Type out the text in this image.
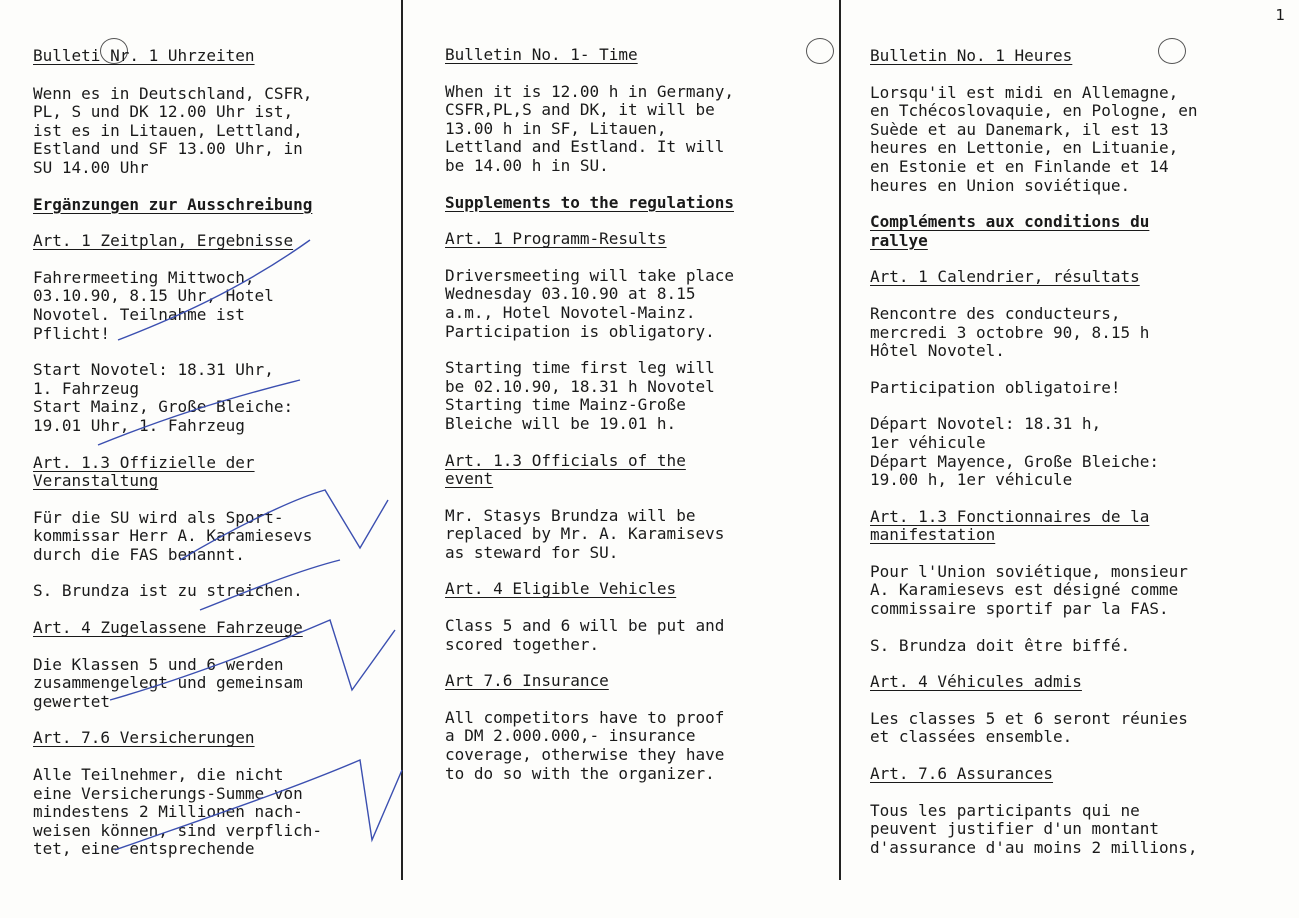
1

Bulleti Nr. 1 Uhrzeiten

Wenn es in Deutschland, CSFR,

PL, S und DK 12.00 Uhr ist,

ist es in Litauen, Lettland,

Estland und SF 13.00 Uhr, in

SU 14.00 Uhr

Ergänzungen zur Ausschreibung

Art. 1 Zeitplan, Ergebnisse

Fahrermeeting Mittwoch,

03.10.90, 8.15 Uhr, Hotel

Novotel. Teilnahme ist

Pflicht!

Start Novotel: 18.31 Uhr,

1. Fahrzeug

Start Mainz, Große Bleiche:

19.01 Uhr, 1. Fahrzeug

Art. 1.3 Offizielle der

Veranstaltung

Für die SU wird als Sport-

kommissar Herr A. Karamiesevs

durch die FAS benannt.

S. Brundza ist zu streichen.

Art. 4 Zugelassene Fahrzeuge

Die Klassen 5 und 6 werden

zusammengelegt und gemeinsam

gewertet

Art. 7.6 Versicherungen

Alle Teilnehmer, die nicht

eine Versicherungs-Summe von

mindestens 2 Millionen nach-

weisen können, sind verpflich-

tet, eine entsprechende

Bulletin No. 1- Time

When it is 12.00 h in Germany,

CSFR,PL,S and DK, it will be

13.00 h in SF, Litauen,

Lettland and Estland. It will

be 14.00 h in SU.

Supplements to the regulations

Art. 1 Programm-Results

Driversmeeting will take place

Wednesday 03.10.90 at 8.15

a.m., Hotel Novotel-Mainz.

Participation is obligatory.

Starting time first leg will

be 02.10.90, 18.31 h Novotel

Starting time Mainz-Große

Bleiche will be 19.01 h.

Art. 1.3 Officials of the

event

Mr. Stasys Brundza will be

replaced by Mr. A. Karamisevs

as steward for SU.

Art. 4 Eligible Vehicles

Class 5 and 6 will be put and

scored together.

Art 7.6 Insurance

All competitors have to proof

a DM 2.000.000,- insurance

coverage, otherwise they have

to do so with the organizer.

Bulletin No. 1 Heures

Lorsqu'il est midi en Allemagne,

en Tchécoslovaquie, en Pologne, en

Suède et au Danemark, il est 13

heures en Lettonie, en Lituanie,

en Estonie et en Finlande et 14

heures en Union soviétique.

Compléments aux conditions du

rallye

Art. 1 Calendrier, résultats

Rencontre des conducteurs,

mercredi 3 octobre 90, 8.15 h

Hôtel Novotel.

Participation obligatoire!

Départ Novotel: 18.31 h,

1er véhicule

Départ Mayence, Große Bleiche:

19.00 h, 1er véhicule

Art. 1.3 Fonctionnaires de la

manifestation

Pour l'Union soviétique, monsieur

A. Karamiesevs est désigné comme

commissaire sportif par la FAS.

S. Brundza doit être biffé.

Art. 4 Véhicules admis

Les classes 5 et 6 seront réunies

et classées ensemble.

Art. 7.6 Assurances

Tous les participants qui ne

peuvent justifier d'un montant

d'assurance d'au moins 2 millions,
